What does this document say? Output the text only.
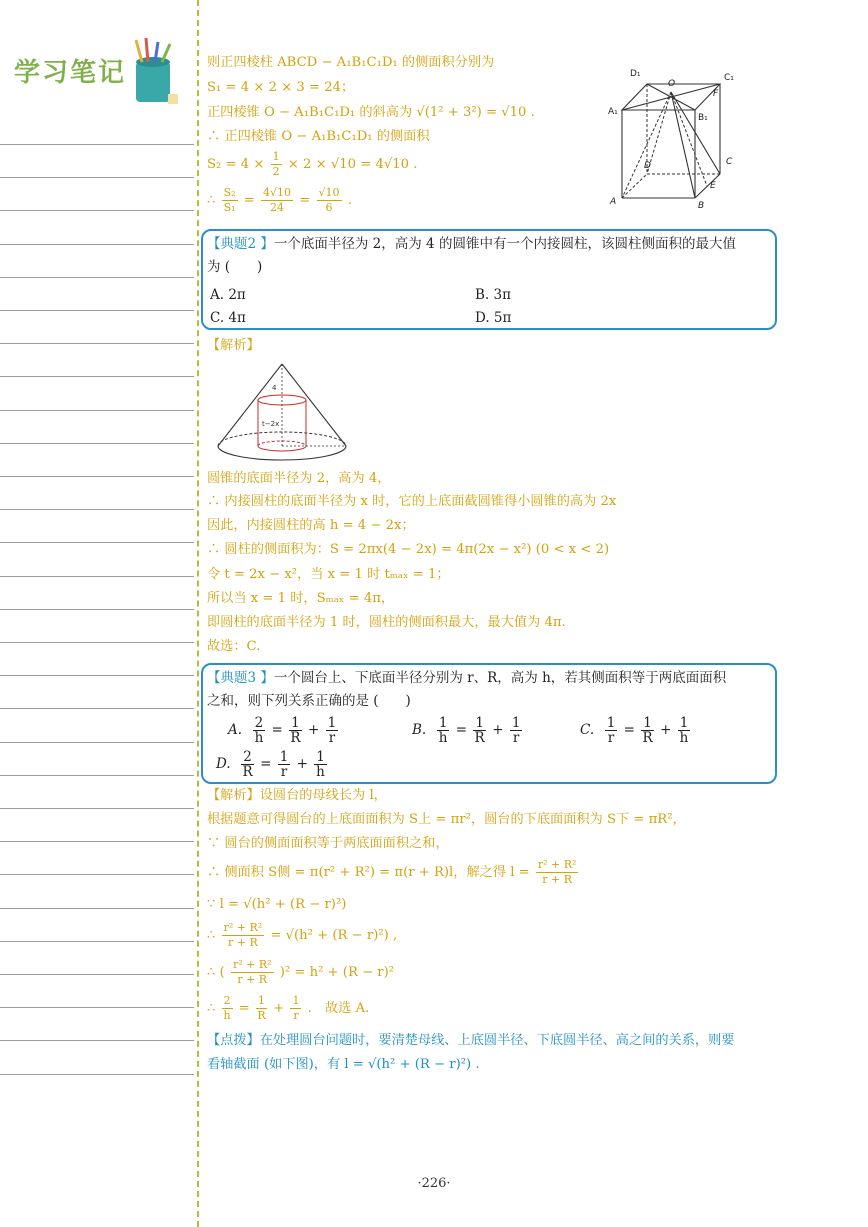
学习笔记	则正四棱柱 ABCD − A₁B₁C₁D₁ 的侧面积分别为
S₁ = 4 × 2 × 3 = 24；
正四棱锥 O − A₁B₁C₁D₁ 的斜高为 √(1² + 3²) = √10 .
∴ 正四棱锥 O − A₁B₁C₁D₁ 的侧面积
$S_2 = 4 \times \frac{1}{2} \times 2 \times √10 = 4√10$ .
∴ $\frac{\text{S₂}}{\text{S₁}} = \frac{4√10}{24} = \frac{√10}{6}$ .
D₁
O
C₁
A₁
B₁
F
D	C
E
A	B
【典题2 】一个底面半径为 2，高为 4 的圆锥中有一个内接圆柱，该圆柱侧面积的最大值
为 (　　)
A. 2π	B. 3π
C. 4π	D. 5π
【解析】
4
t−2x
圆锥的底面半径为 2，高为 4，
∴ 内接圆柱的底面半径为 x 时，它的上底面截圆锥得小圆锥的高为 2x
因此，内接圆柱的高 h = 4 − 2x；
∴ 圆柱的侧面积为：S = 2πx(4 − 2x) = 4π(2x − x²) (0 < x < 2)
令 t = 2x − x²，当 x = 1 时 tₘₐₓ = 1；
所以当 x = 1 时，Sₘₐₓ = 4π，
即圆柱的底面半径为 1 时，圆柱的侧面积最大，最大值为 4π.
故选：C.
【典题3 】一个圆台上、下底面半径分别为 r、R，高为 h，若其侧面积等于两底面面积
之和，则下列关系正确的是 (　　)
A. $\frac{2}{h} = \frac{1}{R} + \frac{1}{r}$	B. $\frac{1}{h} = \frac{1}{R} + \frac{1}{r}$	C. $\frac{1}{r} = \frac{1}{R} + \frac{1}{h}$
D. $\frac{2}{R} = \frac{1}{r} + \frac{1}{h}$
【解析】设圆台的母线长为 l，
根据题意可得圆台的上底面面积为 S上 = πr²，圆台的下底面面积为 S下 = πR²，
∵ 圆台的侧面面积等于两底面面积之和，
∴ 侧面积 S侧 = π(r² + R²) = π(r + R)l，解之得 $l = \frac{\text{r² + R²}}{r + R}$
∵ l = √(h² + (R − r)²)
∴ $\frac{\text{r² + R²}}{r + R} = √(h^2 + (R - r)^2)$ ,
∴ ( $\frac{\text{r² + R²}}{r + R} )^2 = h^2 + (R - r)^2$
∴ $\frac{2}{h} = \frac{1}{R} + \frac{1}{r}$ .　故选 A.
【点拨】在处理圆台问题时，要清楚母线、上底圆半径、下底圆半径、高之间的关系，则要
看轴截面 (如下图)，有 l = √(h² + (R − r)²) .
·226·
